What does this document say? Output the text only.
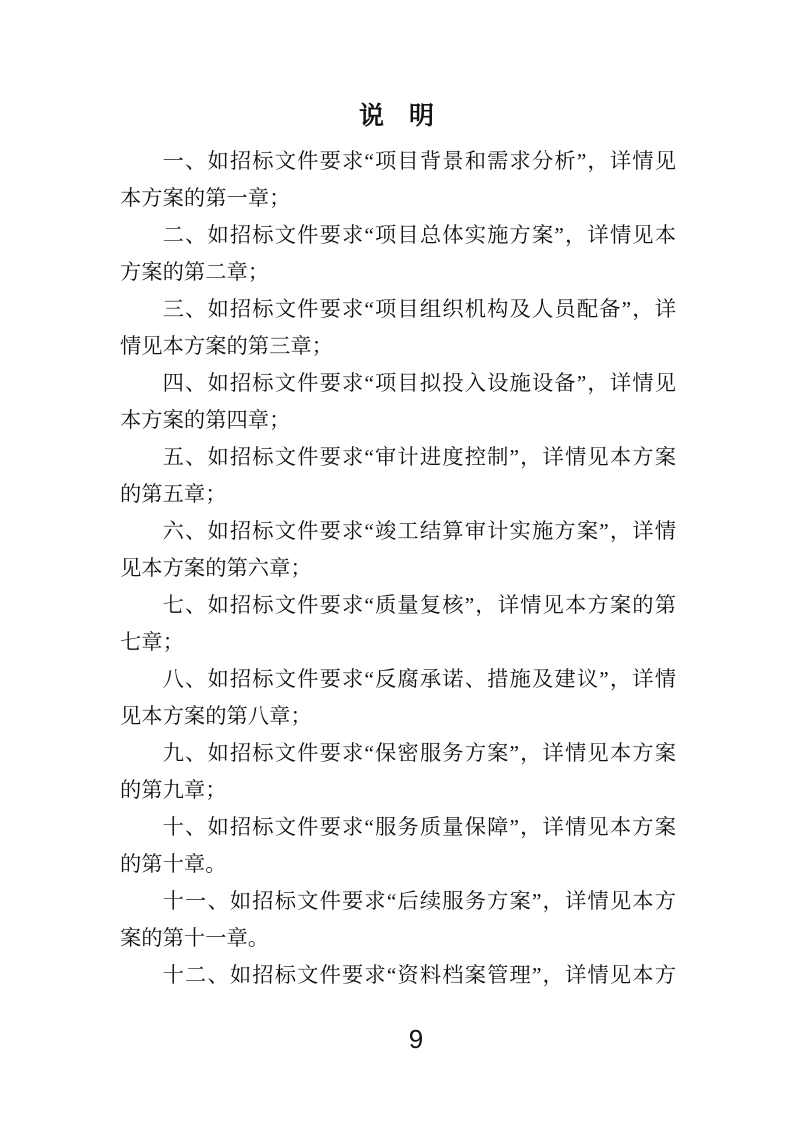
说　明
一、如招标文件要求“项目背景和需求分析”，详情见
本方案的第一章；
二、如招标文件要求“项目总体实施方案”，详情见本
方案的第二章；
三、如招标文件要求“项目组织机构及人员配备”，详
情见本方案的第三章；
四、如招标文件要求“项目拟投入设施设备”，详情见
本方案的第四章；
五、如招标文件要求“审计进度控制”，详情见本方案
的第五章；
六、如招标文件要求“竣工结算审计实施方案”，详情
见本方案的第六章；
七、如招标文件要求“质量复核”，详情见本方案的第
七章；
八、如招标文件要求“反腐承诺、措施及建议”，详情
见本方案的第八章；
九、如招标文件要求“保密服务方案”，详情见本方案
的第九章；
十、如招标文件要求“服务质量保障”，详情见本方案
的第十章。
十一、如招标文件要求“后续服务方案”，详情见本方
案的第十一章。
十二、如招标文件要求“资料档案管理”，详情见本方
9
